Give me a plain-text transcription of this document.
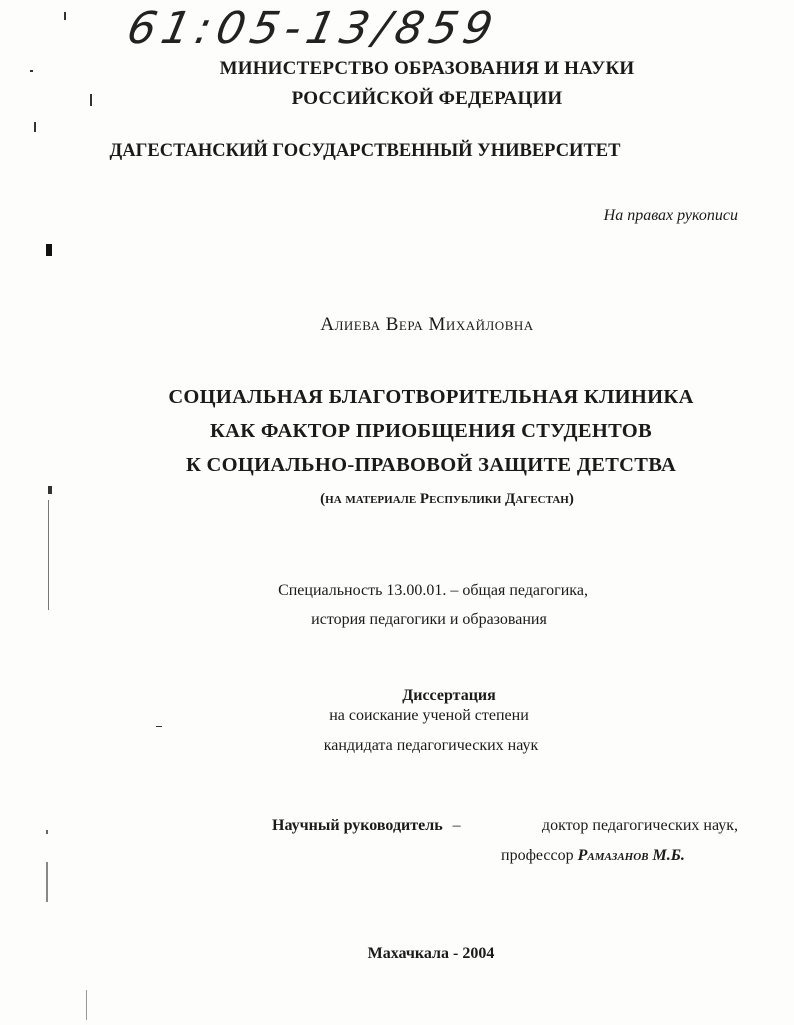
61:05-13/859
МИНИСТЕРСТВО ОБРАЗОВАНИЯ И НАУКИ
РОССИЙСКОЙ ФЕДЕРАЦИИ
ДАГЕСТАНСКИЙ ГОСУДАРСТВЕННЫЙ УНИВЕРСИТЕТ
На правах рукописи
Алиева Вера Михайловна
СОЦИАЛЬНАЯ БЛАГОТВОРИТЕЛЬНАЯ КЛИНИКА
КАК ФАКТОР ПРИОБЩЕНИЯ СТУДЕНТОВ
К СОЦИАЛЬНО-ПРАВОВОЙ ЗАЩИТЕ ДЕТСТВА
(на материале Республики Дагестан)
Специальность 13.00.01. – общая педагогика,
история педагогики и образования
Диссертация
на соискание ученой степени
кандидата педагогических наук
Научный руководитель –	доктор педагогических наук,
профессор Рамазанов М.Б.
Махачкала - 2004
